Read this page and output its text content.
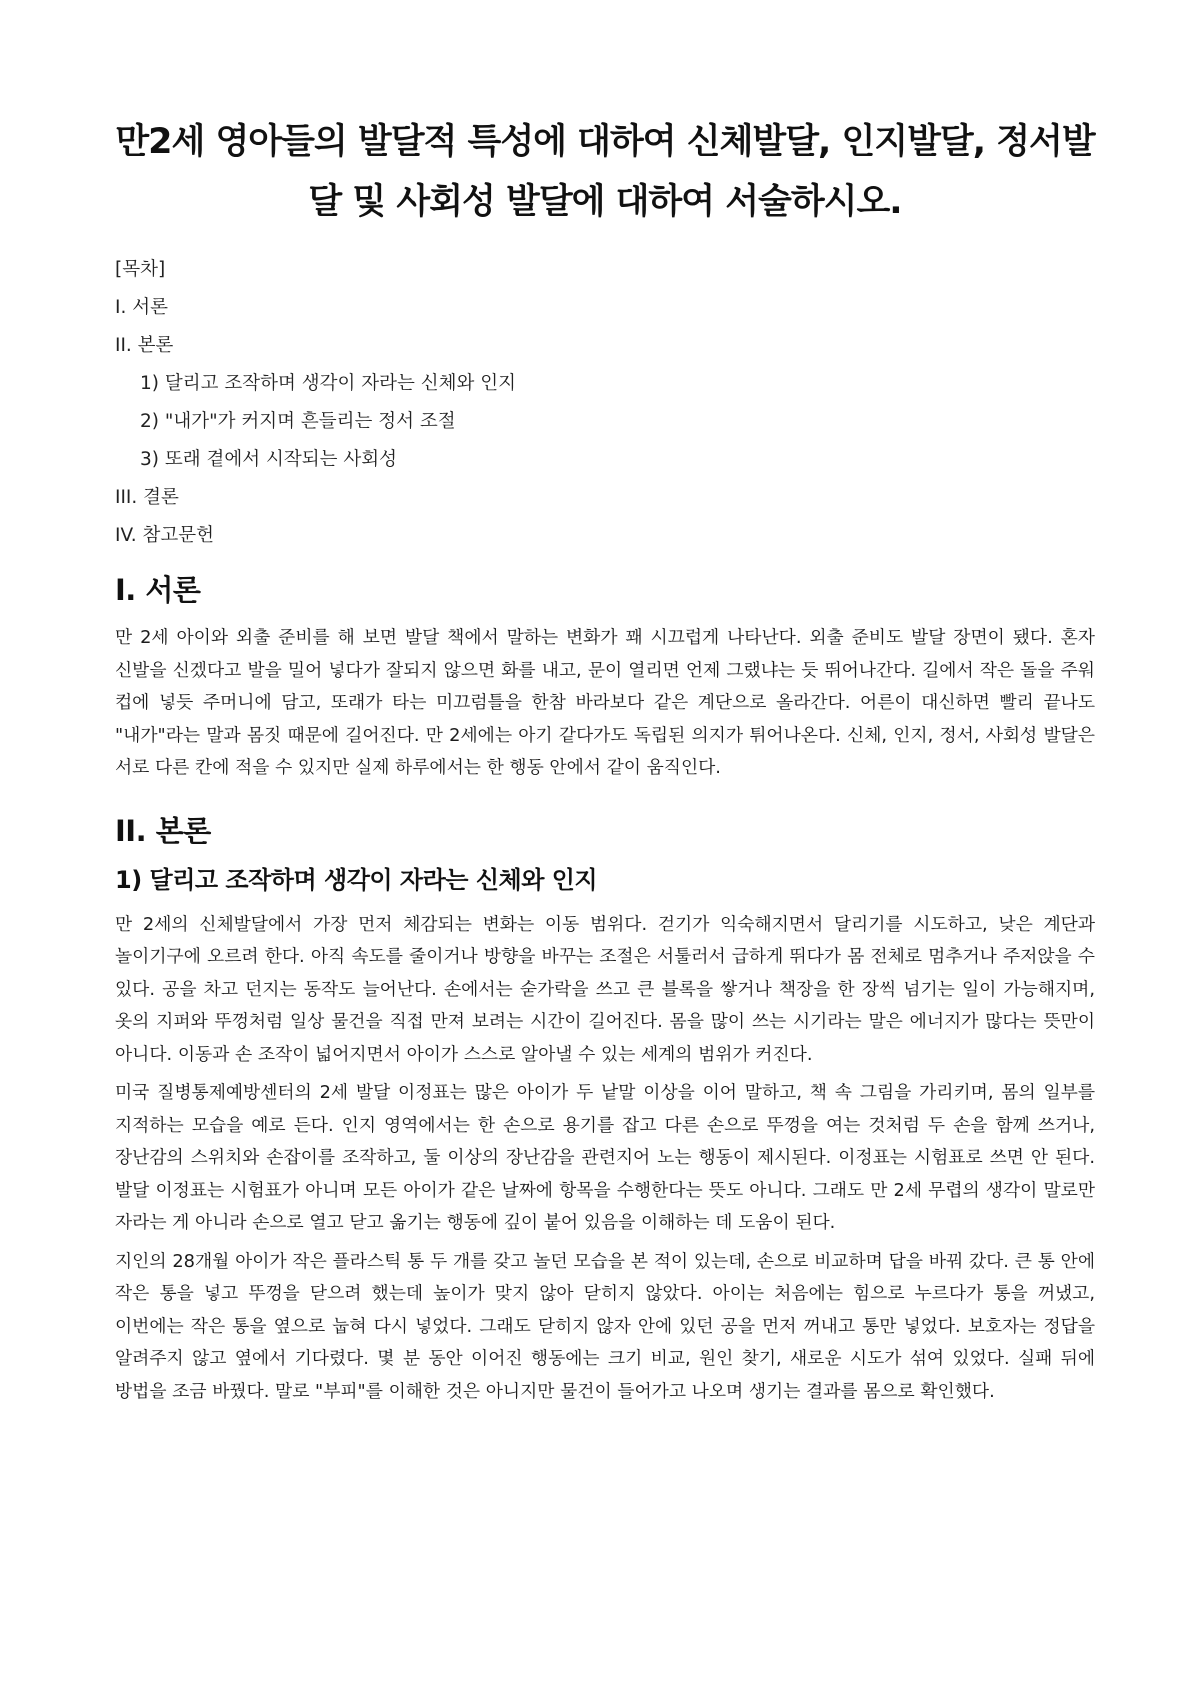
만2세 영아들의 발달적 특성에 대하여 신체발달, 인지발달, 정서발달 및 사회성 발달에 대하여 서술하시오.
[목차]
I. 서론
II. 본론
1) 달리고 조작하며 생각이 자라는 신체와 인지
2) "내가"가 커지며 흔들리는 정서 조절
3) 또래 곁에서 시작되는 사회성
III. 결론
IV. 참고문헌
I. 서론

만 2세 아이와 외출 준비를 해 보면 발달 책에서 말하는 변화가 꽤 시끄럽게 나타난다. 외출 준비도 발달 장면이 됐다. 혼자 신발을 신겠다고 발을 밀어 넣다가 잘되지 않으면 화를 내고, 문이 열리면 언제 그랬냐는 듯 뛰어나간다. 길에서 작은 돌을 주워 컵에 넣듯 주머니에 담고, 또래가 타는 미끄럼틀을 한참 바라보다 같은 계단으로 올라간다. 어른이 대신하면 빨리 끝나도 "내가"라는 말과 몸짓 때문에 길어진다. 만 2세에는 아기 같다가도 독립된 의지가 튀어나온다. 신체, 인지, 정서, 사회성 발달은 서로 다른 칸에 적을 수 있지만 실제 하루에서는 한 행동 안에서 같이 움직인다.

II. 본론
1) 달리고 조작하며 생각이 자라는 신체와 인지

만 2세의 신체발달에서 가장 먼저 체감되는 변화는 이동 범위다. 걷기가 익숙해지면서 달리기를 시도하고, 낮은 계단과 놀이기구에 오르려 한다. 아직 속도를 줄이거나 방향을 바꾸는 조절은 서툴러서 급하게 뛰다가 몸 전체로 멈추거나 주저앉을 수 있다. 공을 차고 던지는 동작도 늘어난다. 손에서는 숟가락을 쓰고 큰 블록을 쌓거나 책장을 한 장씩 넘기는 일이 가능해지며, 옷의 지퍼와 뚜껑처럼 일상 물건을 직접 만져 보려는 시간이 길어진다. 몸을 많이 쓰는 시기라는 말은 에너지가 많다는 뜻만이 아니다. 이동과 손 조작이 넓어지면서 아이가 스스로 알아낼 수 있는 세계의 범위가 커진다.

미국 질병통제예방센터의 2세 발달 이정표는 많은 아이가 두 낱말 이상을 이어 말하고, 책 속 그림을 가리키며, 몸의 일부를 지적하는 모습을 예로 든다. 인지 영역에서는 한 손으로 용기를 잡고 다른 손으로 뚜껑을 여는 것처럼 두 손을 함께 쓰거나, 장난감의 스위치와 손잡이를 조작하고, 둘 이상의 장난감을 관련지어 노는 행동이 제시된다. 이정표는 시험표로 쓰면 안 된다. 발달 이정표는 시험표가 아니며 모든 아이가 같은 날짜에 항목을 수행한다는 뜻도 아니다. 그래도 만 2세 무렵의 생각이 말로만 자라는 게 아니라 손으로 열고 닫고 옮기는 행동에 깊이 붙어 있음을 이해하는 데 도움이 된다.

지인의 28개월 아이가 작은 플라스틱 통 두 개를 갖고 놀던 모습을 본 적이 있는데, 손으로 비교하며 답을 바꿔 갔다. 큰 통 안에 작은 통을 넣고 뚜껑을 닫으려 했는데 높이가 맞지 않아 닫히지 않았다. 아이는 처음에는 힘으로 누르다가 통을 꺼냈고, 이번에는 작은 통을 옆으로 눕혀 다시 넣었다. 그래도 닫히지 않자 안에 있던 공을 먼저 꺼내고 통만 넣었다. 보호자는 정답을 알려주지 않고 옆에서 기다렸다. 몇 분 동안 이어진 행동에는 크기 비교, 원인 찾기, 새로운 시도가 섞여 있었다. 실패 뒤에 방법을 조금 바꿨다. 말로 "부피"를 이해한 것은 아니지만 물건이 들어가고 나오며 생기는 결과를 몸으로 확인했다.
